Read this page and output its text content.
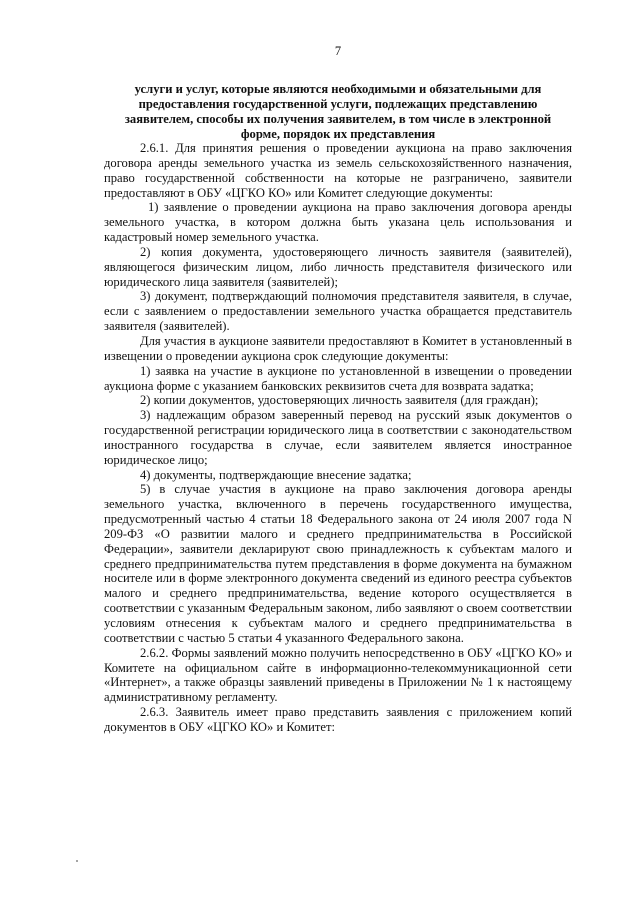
7
услуги и услуг, которые являются необходимыми и обязательными для предоставления государственной услуги, подлежащих представлению заявителем, способы их получения заявителем, в том числе в электронной форме, порядок их представления

2.6.1. Для принятия решения о проведении аукциона на право заключения договора аренды земельного участка из земель сельскохозяйственного назначения, право государственной собственности на которые не разграничено, заявители предоставляют в ОБУ «ЦГКО КО» или Комитет следующие документы:

1) заявление о проведении аукциона на право заключения договора аренды земельного участка, в котором должна быть указана цель использования и кадастровый номер земельного участка.

2) копия документа, удостоверяющего личность заявителя (заявителей), являющегося физическим лицом, либо личность представителя физического или юридического лица заявителя (заявителей);

3) документ, подтверждающий полномочия представителя заявителя, в случае, если с заявлением о предоставлении земельного участка обращается представитель заявителя (заявителей).

Для участия в аукционе заявители предоставляют в Комитет в установленный в извещении о проведении аукциона срок следующие документы:

1) заявка на участие в аукционе по установленной в извещении о проведении аукциона форме с указанием банковских реквизитов счета для возврата задатка;

2) копии документов, удостоверяющих личность заявителя (для граждан);

3) надлежащим образом заверенный перевод на русский язык документов о государственной регистрации юридического лица в соответствии с законодательством иностранного государства в случае, если заявителем является иностранное юридическое лицо;

4) документы, подтверждающие внесение задатка;

5) в случае участия в аукционе на право заключения договора аренды земельного участка, включенного в перечень государственного имущества, предусмотренный частью 4 статьи 18 Федерального закона от 24 июля 2007 года N 209-ФЗ «О развитии малого и среднего предпринимательства в Российской Федерации», заявители декларируют свою принадлежность к субъектам малого и среднего предпринимательства путем представления в форме документа на бумажном носителе или в форме электронного документа сведений из единого реестра субъектов малого и среднего предпринимательства, ведение которого осуществляется в соответствии с указанным Федеральным законом, либо заявляют о своем соответствии условиям отнесения к субъектам малого и среднего предпринимательства в соответствии с частью 5 статьи 4 указанного Федерального закона.

2.6.2. Формы заявлений можно получить непосредственно в ОБУ «ЦГКО КО» и Комитете на официальном сайте в информационно-телекоммуникационной сети «Интернет», а также образцы заявлений приведены в Приложении № 1 к настоящему административному регламенту.

2.6.3. Заявитель имеет право представить заявления с приложением копий документов в ОБУ «ЦГКО КО» и Комитет:
